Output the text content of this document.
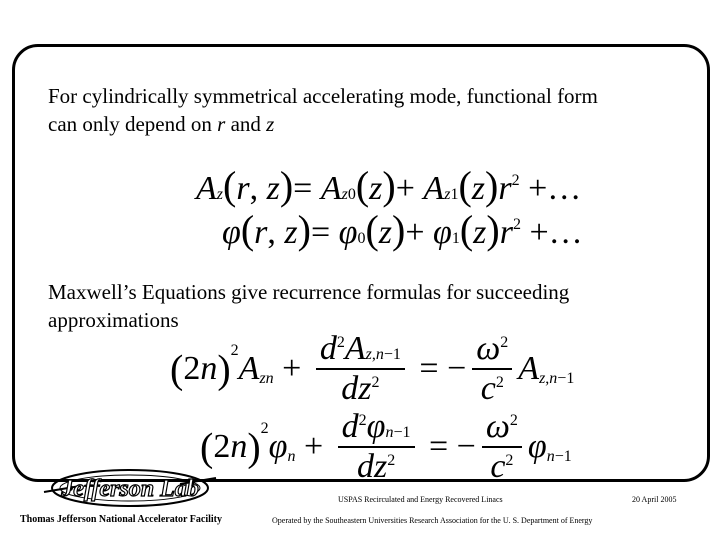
For cylindrically symmetrical accelerating mode, functional form
can only depend on r and z
Az(r, z)= Az0(z)+ Az1(z)r2 +…
φ(r, z)= φ0(z)+ φ1(z)r2 +…
Maxwell’s Equations give recurrence formulas for succeeding
approximations
$(2n)2Azn + \frac{d2Az,n-1}{dz2}$ = − $\frac{\omega 2}{c2} Az,n-1$
$(2n)2\varphi n + \frac{d2\varphi n-1}{dz2}$ = − $\frac{\omega 2}{c2} \varphi n-1$
Jefferson Lab	USPAS Recirculated and Energy Recovered Linacs	20 April 2005
Thomas Jefferson National Accelerator Facility	Operated by the Southeastern Universities Research Association for the U. S. Department of Energy
